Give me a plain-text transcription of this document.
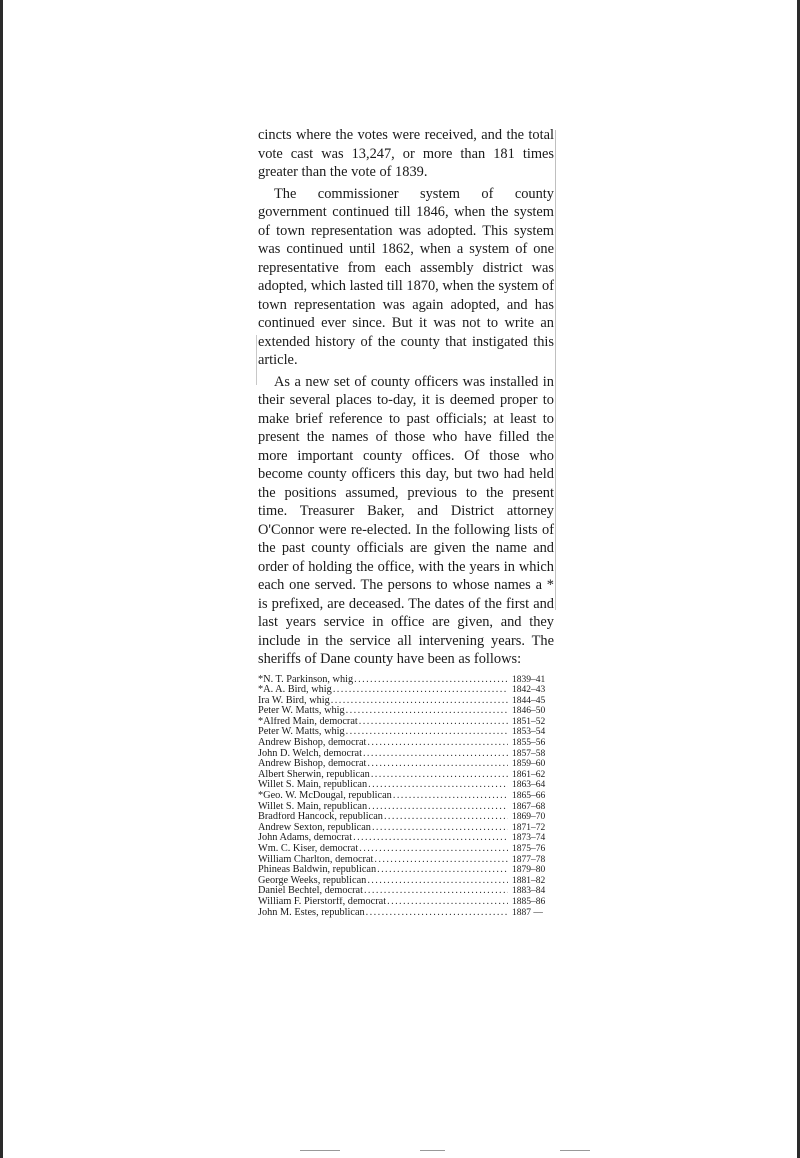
cincts where the votes were received, and the total vote cast was 13,247, or more than 181 times greater than the vote of 1839.

The commissioner system of county government continued till 1846, when the system of town representation was adopted. This system was continued until 1862, when a system of one representative from each assembly district was adopted, which lasted till 1870, when the system of town representation was again adopted, and has continued ever since. But it was not to write an extended history of the county that instigated this article.

As a new set of county officers was installed in their several places to-day, it is deemed proper to make brief reference to past officials; at least to present the names of those who have filled the more important county offices. Of those who become county officers this day, but two had held the positions assumed, previous to the present time. Treasurer Baker, and District attorney O'Connor were re-elected. In the following lists of the past county officials are given the name and order of holding the office, with the years in which each one served. The persons to whose names a * is prefixed, are deceased. The dates of the first and last years service in office are given, and they include in the service all intervening years. The sheriffs of Dane county have been as follows:

*N. T. Parkinson, whig .....	1839–41
*A. A. Bird, whig .....	1842–43
Ira W. Bird, whig .....	1844–45
Peter W. Matts, whig .....	1846–50
*Alfred Main, democrat .....	1851–52
Peter W. Matts, whig .....	1853–54
Andrew Bishop, democrat .....	1855–56
John D. Welch, democrat .....	1857–58
Andrew Bishop, democrat .....	1859–60
Albert Sherwin, republican .....	1861–62
Willet S. Main, republican .....	1863–64
*Geo. W. McDougal, republican .....	1865–66
Willet S. Main, republican .....	1867–68
Bradford Hancock, republican .....	1869–70
Andrew Sexton, republican .....	1871–72
John Adams, democrat .....	1873–74
Wm. C. Kiser, democrat .....	1875–76
William Charlton, democrat .....	1877–78
Phineas Baldwin, republican .....	1879–80
George Weeks, republican .....	1881–82
Daniel Bechtel, democrat .....	1883–84
William F. Pierstorff, democrat .....	1885–86
John M. Estes, republican .....	1887 —
